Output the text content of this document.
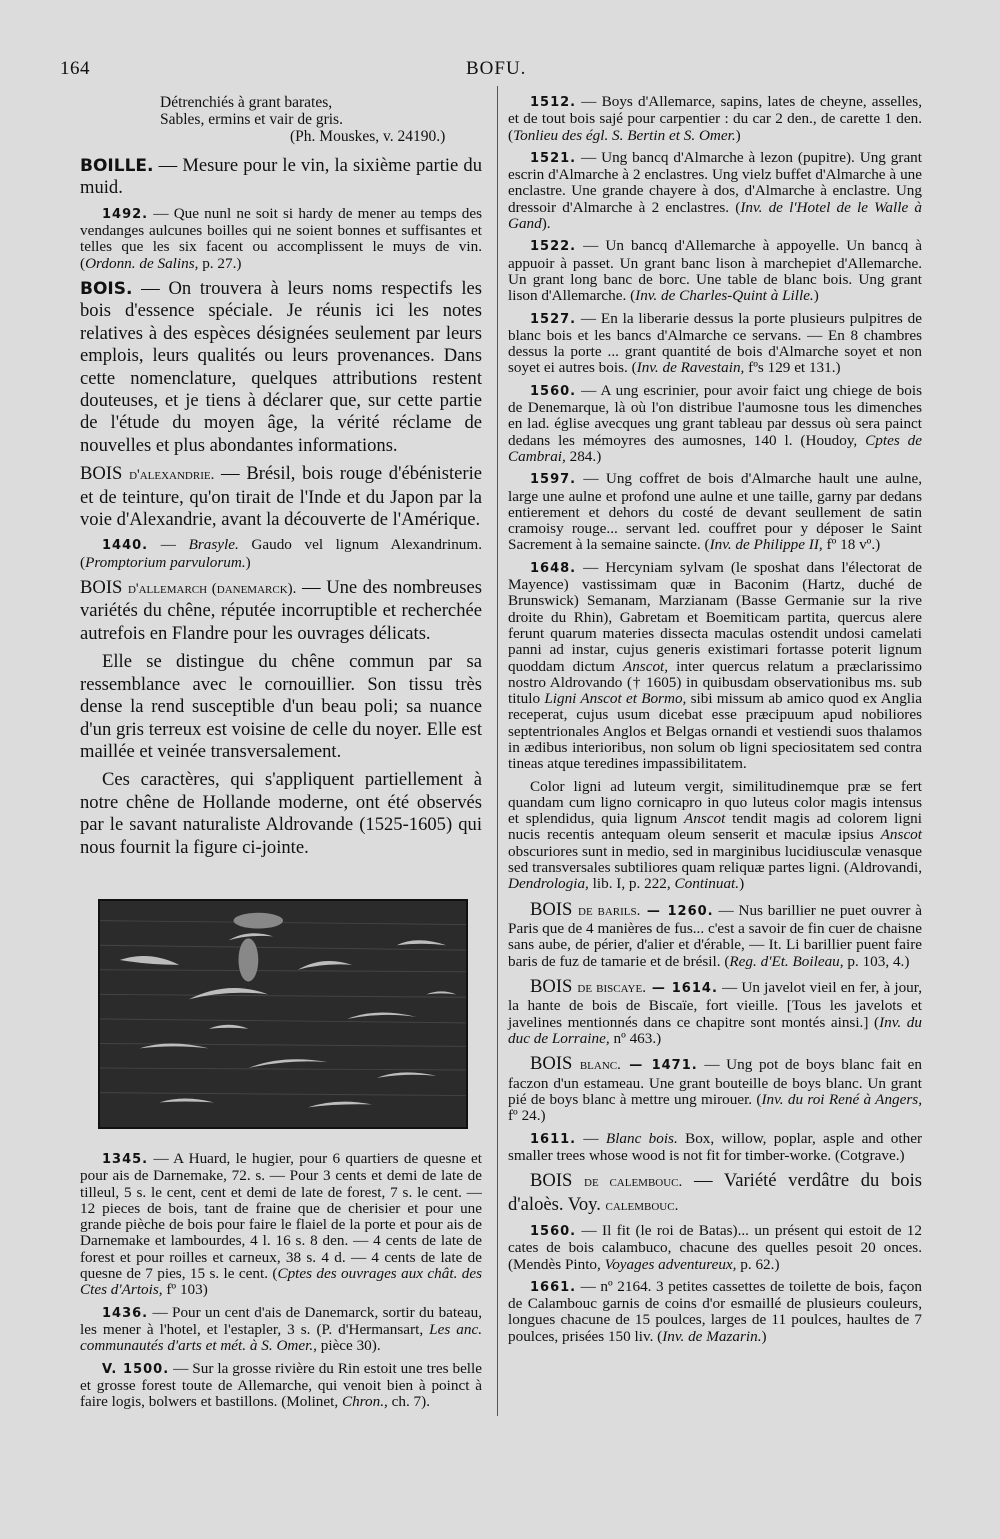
164	BOFU.
Détrenchiés à grant barates,
Sables, ermins et vair de gris.
(Ph. Mouskes, v. 24190.)

BOILLE. — Mesure pour le vin, la sixième partie du muid.

1492. — Que nunl ne soit si hardy de mener au temps des vendanges aulcunes boilles qui ne soient bonnes et suffisantes et telles que les six facent ou accomplissent le muys de vin. (Ordonn. de Salins, p. 27.)

BOIS. — On trouvera à leurs noms respectifs les bois d'essence spéciale. Je réunis ici les notes relatives à des espèces désignées seulement par leurs emplois, leurs qualités ou leurs provenances. Dans cette nomenclature, quelques attributions restent douteuses, et je tiens à déclarer que, sur cette partie de l'étude du moyen âge, la vérité réclame de nouvelles et plus abondantes informations.

BOIS d'alexandrie. — Brésil, bois rouge d'ébénisterie et de teinture, qu'on tirait de l'Inde et du Japon par la voie d'Alexandrie, avant la découverte de l'Amérique.

1440. — Brasyle. Gaudo vel lignum Alexandrinum. (Promptorium parvulorum.)

BOIS d'allemarch (danemarck). — Une des nombreuses variétés du chêne, réputée incorruptible et recherchée autrefois en Flandre pour les ouvrages délicats.

Elle se distingue du chêne commun par sa ressemblance avec le cornouillier. Son tissu très dense la rend susceptible d'un beau poli; sa nuance d'un gris terreux est voisine de celle du noyer. Elle est maillée et veinée transversalement.

Ces caractères, qui s'appliquent partiellement à notre chêne de Hollande moderne, ont été observés par le savant naturaliste Aldrovande (1525-1605) qui nous fournit la figure ci-jointe.

1345. — A Huard, le hugier, pour 6 quartiers de quesne et pour ais de Darnemake, 72. s. — Pour 3 cents et demi de late de tilleul, 5 s. le cent, cent et demi de late de forest, 7 s. le cent. — 12 pieces de bois, tant de fraine que de cherisier et pour une grande pièche de bois pour faire le flaiel de la porte et pour ais de Darnemake et lambourdes, 4 l. 16 s. 8 den. — 4 cents de late de forest et pour roilles et carneux, 38 s. 4 d. — 4 cents de late de quesne de 7 pies, 15 s. le cent. (Cptes des ouvrages aux chât. des Ctes d'Artois, fº 103)

1436. — Pour un cent d'ais de Danemarck, sortir du bateau, les mener à l'hotel, et l'estapler, 3 s. (P. d'Hermansart, Les anc. communautés d'arts et mét. à S. Omer., pièce 30).

V. 1500. — Sur la grosse rivière du Rin estoit une tres belle et grosse forest toute de Allemarche, qui venoit bien à poinct à faire logis, bolwers et bastillons. (Molinet, Chron., ch. 7).

1512. — Boys d'Allemarce, sapins, lates de cheyne, asselles, et de tout bois sajé pour carpentier : du car 2 den., de carette 1 den. (Tonlieu des égl. S. Bertin et S. Omer.)

1521. — Ung bancq d'Almarche à lezon (pupitre). Ung grant escrin d'Almarche à 2 enclastres. Ung vielz buffet d'Almarche à une enclastre. Une grande chayere à dos, d'Almarche à enclastre. Ung dressoir d'Almarche à 2 enclastres. (Inv. de l'Hotel de le Walle à Gand).

1522. — Un bancq d'Allemarche à appoyelle. Un bancq à appuoir à passet. Un grant banc lison à marchepiet d'Allemarche. Un grant long banc de borc. Une table de blanc bois. Ung grant lison d'Allemarche. (Inv. de Charles-Quint à Lille.)

1527. — En la liberarie dessus la porte plusieurs pulpitres de blanc bois et les bancs d'Almarche ce servans. — En 8 chambres dessus la porte ... grant quantité de bois d'Almarche soyet et non soyet ei autres bois. (Inv. de Ravestain, fºs 129 et 131.)

1560. — A ung escrinier, pour avoir faict ung chiege de bois de Denemarque, là où l'on distribue l'aumosne tous les dimenches en lad. église avecques ung grant tableau par dessus où sera painct dedans les mémoyres des aumosnes, 140 l. (Houdoy, Cptes de Cambrai, 284.)

1597. — Ung coffret de bois d'Almarche hault une aulne, large une aulne et profond une aulne et une taille, garny par dedans entierement et dehors du costé de devant seullement de satin cramoisy rouge... servant led. couffret pour y déposer le Saint Sacrement à la semaine saincte. (Inv. de Philippe II, fº 18 vº.)

1648. — Hercyniam sylvam (le sposhat dans l'électorat de Mayence) vastissimam quæ in Baconim (Hartz, duché de Brunswick) Semanam, Marzianam (Basse Germanie sur la rive droite du Rhin), Gabretam et Boemiticam partita, quercus alere ferunt quarum materies dissecta maculas ostendit undosi camelati panni ad instar, cujus generis existimari fortasse poterit lignum quoddam dictum Anscot, inter quercus relatum a præclarissimo nostro Aldrovando († 1605) in quibusdam observationibus ms. sub titulo Ligni Anscot et Bormo, sibi missum ab amico quod ex Anglia receperat, cujus usum dicebat esse præcipuum apud nobiliores septentrionales Anglos et Belgas ornandi et vestiendi suos thalamos in ædibus interioribus, non solum ob ligni speciositatem sed contra tineas atque teredines impassibilitatem.

Color ligni ad luteum vergit, similitudinemque præ se fert quandam cum ligno cornicapro in quo luteus color magis intensus et splendidus, quia lignum Anscot tendit magis ad colorem ligni nucis recentis antequam oleum senserit et maculæ ipsius Anscot obscuriores sunt in medio, sed in marginibus lucidiusculæ venasque sed transversales subtiliores quam reliquæ partes ligni. (Aldrovandi, Dendrologia, lib. I, p. 222, Continuat.)

BOIS de barils. — 1260. — Nus barillier ne puet ouvrer à Paris que de 4 manières de fus... c'est a savoir de fin cuer de chaisne sans aube, de périer, d'alier et d'érable, — It. Li barillier puent faire baris de fuz de tamarie et de brésil. (Reg. d'Et. Boileau, p. 103, 4.)

BOIS de biscaye. — 1614. — Un javelot vieil en fer, à jour, la hante de bois de Biscaïe, fort vieille. [Tous les javelots et javelines mentionnés dans ce chapitre sont montés ainsi.] (Inv. du duc de Lorraine, nº 463.)

BOIS blanc. — 1471. — Ung pot de boys blanc fait en faczon d'un estameau. Une grant bouteille de boys blanc. Un grant pié de boys blanc à mettre ung mirouer. (Inv. du roi René à Angers, fº 24.)

1611. — Blanc bois. Box, willow, poplar, asple and other smaller trees whose wood is not fit for timber-worke. (Cotgrave.)

BOIS de calembouc. — Variété verdâtre du bois d'aloès. Voy. calembouc.

1560. — Il fit (le roi de Batas)... un présent qui estoit de 12 cates de bois calambuco, chacune des quelles pesoit 20 onces. (Mendès Pinto, Voyages adventureux, p. 62.)

1661. — nº 2164. 3 petites cassettes de toilette de bois, façon de Calambouc garnis de coins d'or esmaillé de plusieurs couleurs, longues chacune de 15 poulces, larges de 11 poulces, haultes de 7 poulces, prisées 150 liv. (Inv. de Mazarin.)
